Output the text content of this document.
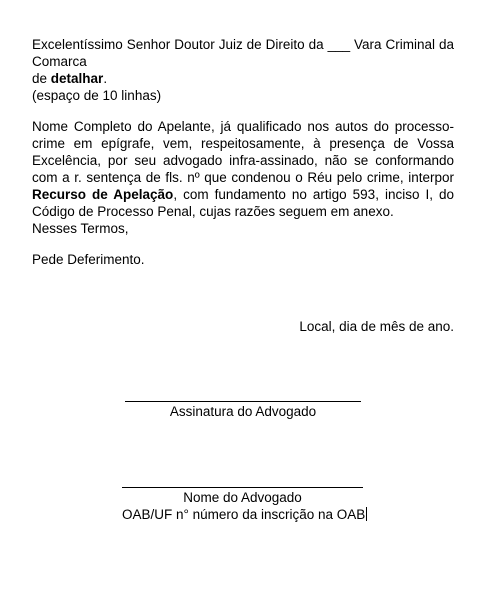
Excelentíssimo Senhor Doutor Juiz de Direito da ___ Vara Criminal da Comarca
de detalhar.

(espaço de 10 linhas)

Nome Completo do Apelante, já qualificado nos autos do processo-crime em epígrafe, vem, respeitosamente, à presença de Vossa Excelência, por seu advogado infra-assinado, não se conformando com a r. sentença de fls. nº que condenou o Réu pelo crime, interpor Recurso de Apelação, com fundamento no artigo 593, inciso I, do Código de Processo Penal, cujas razões seguem em anexo.

Nesses Termos,

Pede Deferimento.

Local, dia de mês de ano.
Assinatura do Advogado
Nome do Advogado
OAB/UF n° número da inscrição na OAB
